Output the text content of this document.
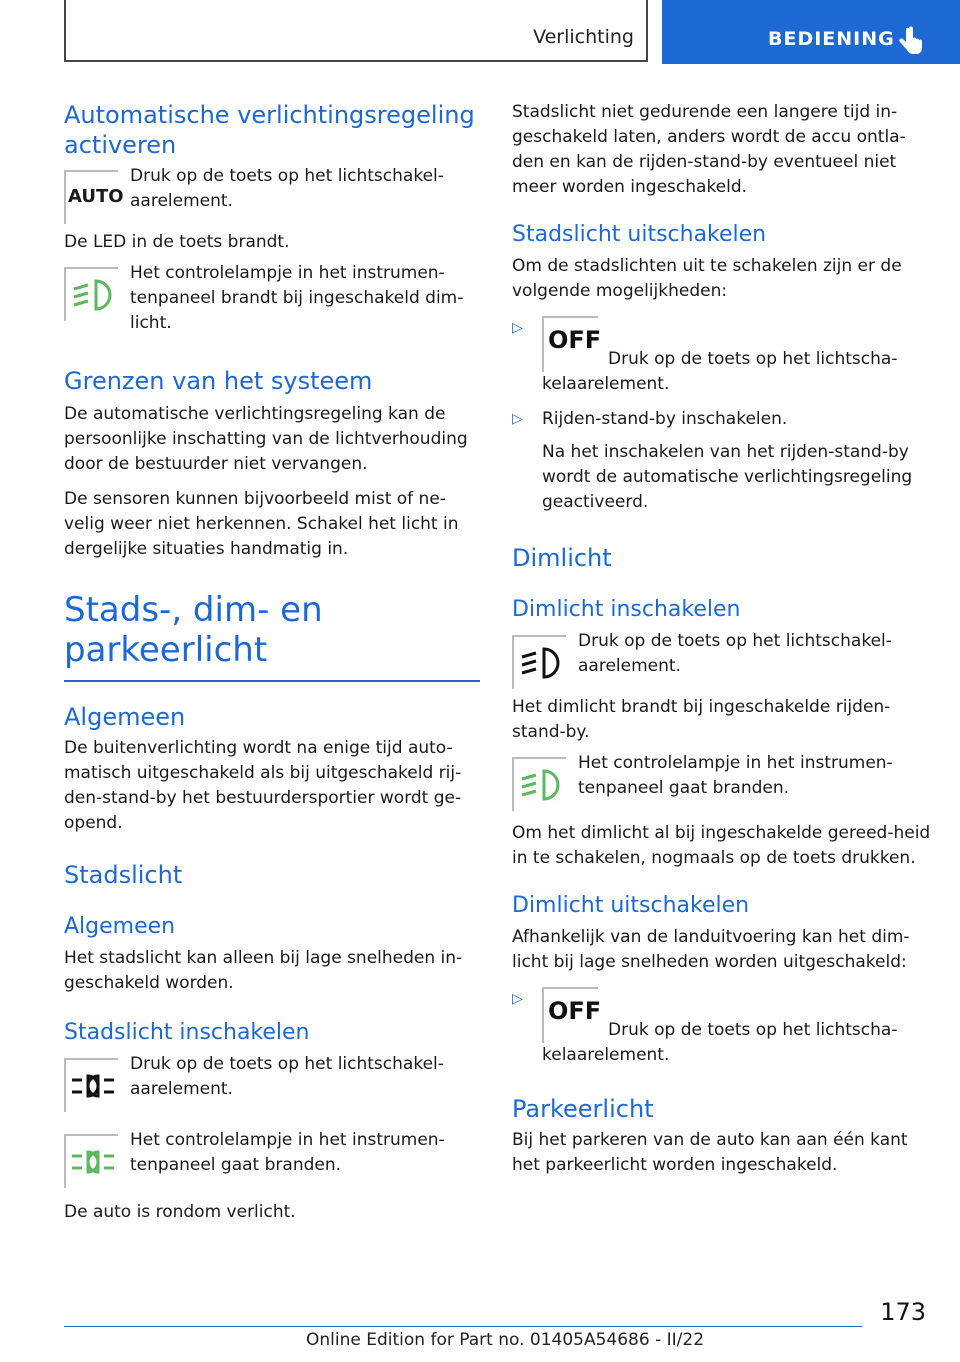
Verlichting	BEDIENING
Automatische verlichtingsregeling activeren
AUTO

Druk op de toets op het lichtschakel-aarelement.

De LED in de toets brandt.

Het controlelampje in het instrumen-tenpaneel brandt bij ingeschakeld dim-licht.

Grenzen van het systeem

De automatische verlichtingsregeling kan de persoonlijke inschatting van de lichtverhouding door de bestuurder niet vervangen.

De sensoren kunnen bijvoorbeeld mist of ne-velig weer niet herkennen. Schakel het licht in dergelijke situaties handmatig in.

Stads-, dim- en parkeerlicht
Algemeen

De buitenverlichting wordt na enige tijd auto-matisch uitgeschakeld als bij uitgeschakeld rij-den-stand-by het bestuurdersportier wordt ge-opend.

Stadslicht
Algemeen

Het stadslicht kan alleen bij lage snelheden in-geschakeld worden.

Stadslicht inschakelen

Druk op de toets op het lichtschakel-aarelement.

Het controlelampje in het instrumen-tenpaneel gaat branden.

De auto is rondom verlicht.

Stadslicht niet gedurende een langere tijd in-geschakeld laten, anders wordt de accu ontla-den en kan de rijden-stand-by eventueel niet meer worden ingeschakeld.

Stadslicht uitschakelen

Om de stadslichten uit te schakelen zijn er de volgende mogelijkheden:

▷ OFF
Druk op de toets op het lichtscha-kelaarelement.
▷ Rijden-stand-by inschakelen.
Na het inschakelen van het rijden-stand-by wordt de automatische verlichtingsregeling geactiveerd.
Dimlicht
Dimlicht inschakelen

Druk op de toets op het lichtschakel-aarelement.

Het dimlicht brandt bij ingeschakelde rijden-stand-by.

Het controlelampje in het instrumen-tenpaneel gaat branden.

Om het dimlicht al bij ingeschakelde gereed-heid in te schakelen, nogmaals op de toets drukken.

Dimlicht uitschakelen

Afhankelijk van de landuitvoering kan het dim-licht bij lage snelheden worden uitgeschakeld:

▷ OFF
Druk op de toets op het lichtscha-kelaarelement.
Parkeerlicht

Bij het parkeren van de auto kan aan één kant het parkeerlicht worden ingeschakeld.

173
Online Edition for Part no. 01405A54686 - II/22
